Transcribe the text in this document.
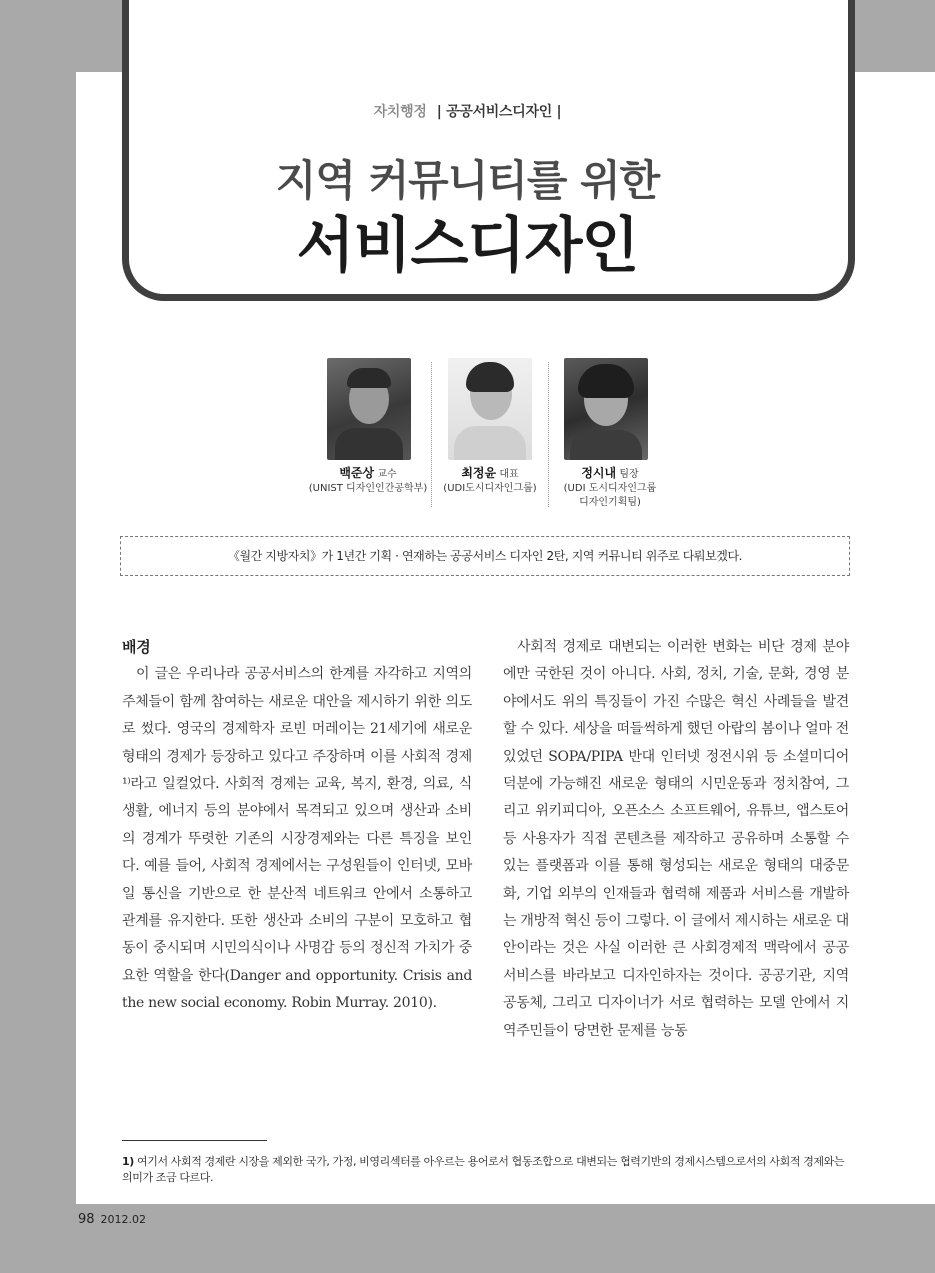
자치행정 | 공공서비스디자인 |
지역 커뮤니티를 위한
서비스디자인
백준상 교수
(UNIST 디자인인간공학부)
최정윤 대표
(UDI도시디자인그룹)
정시내 팀장
(UDI 도시디자인그룹
디자인기획팀)
《월간 지방자치》가 1년간 기획 · 연재하는 공공서비스 디자인 2탄, 지역 커뮤니티 위주로 다뤄보겠다.
배경

이 글은 우리나라 공공서비스의 한계를 자각하고 지역의 주체들이 함께 참여하는 새로운 대안을 제시하기 위한 의도로 썼다. 영국의 경제학자 로빈 머레이는 21세기에 새로운 형태의 경제가 등장하고 있다고 주장하며 이를 사회적 경제¹⁾라고 일컬었다. 사회적 경제는 교육, 복지, 환경, 의료, 식생활, 에너지 등의 분야에서 목격되고 있으며 생산과 소비의 경계가 뚜렷한 기존의 시장경제와는 다른 특징을 보인다. 예를 들어, 사회적 경제에서는 구성원들이 인터넷, 모바일 통신을 기반으로 한 분산적 네트워크 안에서 소통하고 관계를 유지한다. 또한 생산과 소비의 구분이 모호하고 협동이 중시되며 시민의식이나 사명감 등의 정신적 가치가 중요한 역할을 한다(Danger and opportunity. Crisis and the new social economy. Robin Murray. 2010).

사회적 경제로 대변되는 이러한 변화는 비단 경제 분야에만 국한된 것이 아니다. 사회, 정치, 기술, 문화, 경영 분야에서도 위의 특징들이 가진 수많은 혁신 사례들을 발견할 수 있다. 세상을 떠들썩하게 했던 아랍의 봄이나 얼마 전 있었던 SOPA/PIPA 반대 인터넷 정전시위 등 소셜미디어 덕분에 가능해진 새로운 형태의 시민운동과 정치참여, 그리고 위키피디아, 오픈소스 소프트웨어, 유튜브, 앱스토어 등 사용자가 직접 콘텐츠를 제작하고 공유하며 소통할 수 있는 플랫폼과 이를 통해 형성되는 새로운 형태의 대중문화, 기업 외부의 인재들과 협력해 제품과 서비스를 개발하는 개방적 혁신 등이 그렇다. 이 글에서 제시하는 새로운 대안이라는 것은 사실 이러한 큰 사회경제적 맥락에서 공공서비스를 바라보고 디자인하자는 것이다. 공공기관, 지역공동체, 그리고 디자이너가 서로 협력하는 모델 안에서 지역주민들이 당면한 문제를 능동

1) 여기서 사회적 경제란 시장을 제외한 국가, 가정, 비영리섹터를 아우르는 용어로서 협동조합으로 대변되는 협력기반의 경제시스템으로서의 사회적 경제와는 의미가 조금 다르다.
98 2012.02
